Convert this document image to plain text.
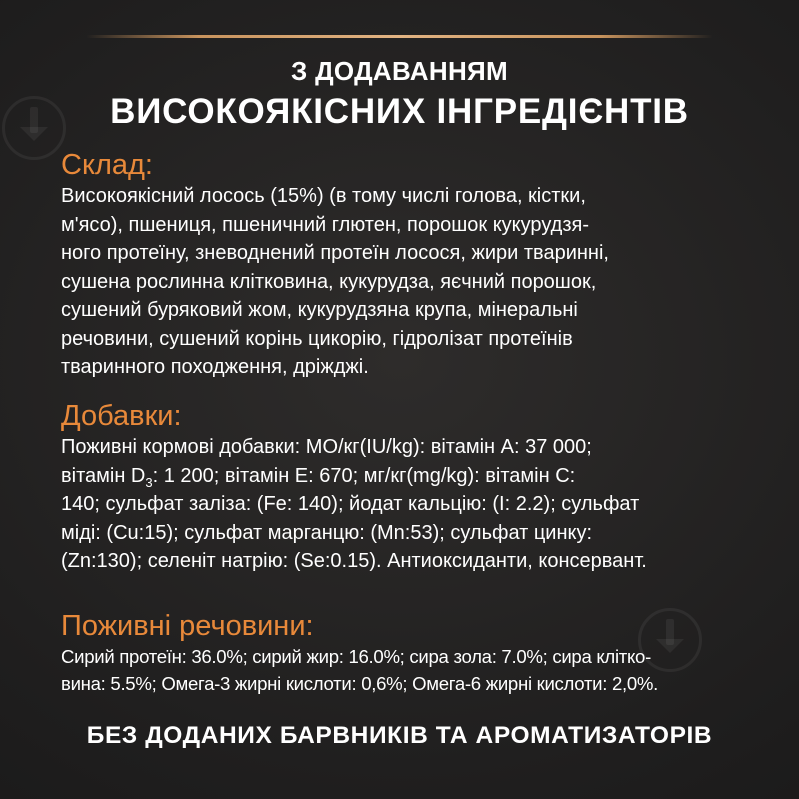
З ДОДАВАННЯМ
ВИСОКОЯКІСНИХ ІНГРЕДІЄНТІВ
Склад:

Високоякісний лосось (15%) (в тому числі голова, кістки,
м'ясо), пшениця, пшеничний глютен, порошок кукурудзя-
ного протеїну, зневоднений протеїн лосося, жири тваринні,
сушена рослинна клітковина, кукурудза, яєчний порошок,
сушений буряковий жом, кукурудзяна крупа, мінеральні
речовини, сушений корінь цикорію, гідролізат протеїнів
тваринного походження, дріжджі.

Добавки:

Поживні кормові добавки: МО/кг(IU/kg): вітамін А: 37 000;
вітамін $D_3$: 1 200; вітамін Е: 670; мг/кг(mg/kg): вітамін С:
140; сульфат заліза: (Fe: 140); йодат кальцію: (I: 2.2); сульфат
міді: (Cu:15); сульфат марганцю: (Mn:53); сульфат цинку:
(Zn:130); селеніт натрію: (Se:0.15). Антиоксиданти, консервант.

Поживні речовини:

Сирий протеїн: 36.0%; сирий жир: 16.0%; сира зола: 7.0%; сира клітко-
вина: 5.5%; Омега-3 жирні кислоти: 0,6%; Омега-6 жирні кислоти: 2,0%.

БЕЗ ДОДАНИХ БАРВНИКІВ ТА АРОМАТИЗАТОРІВ
